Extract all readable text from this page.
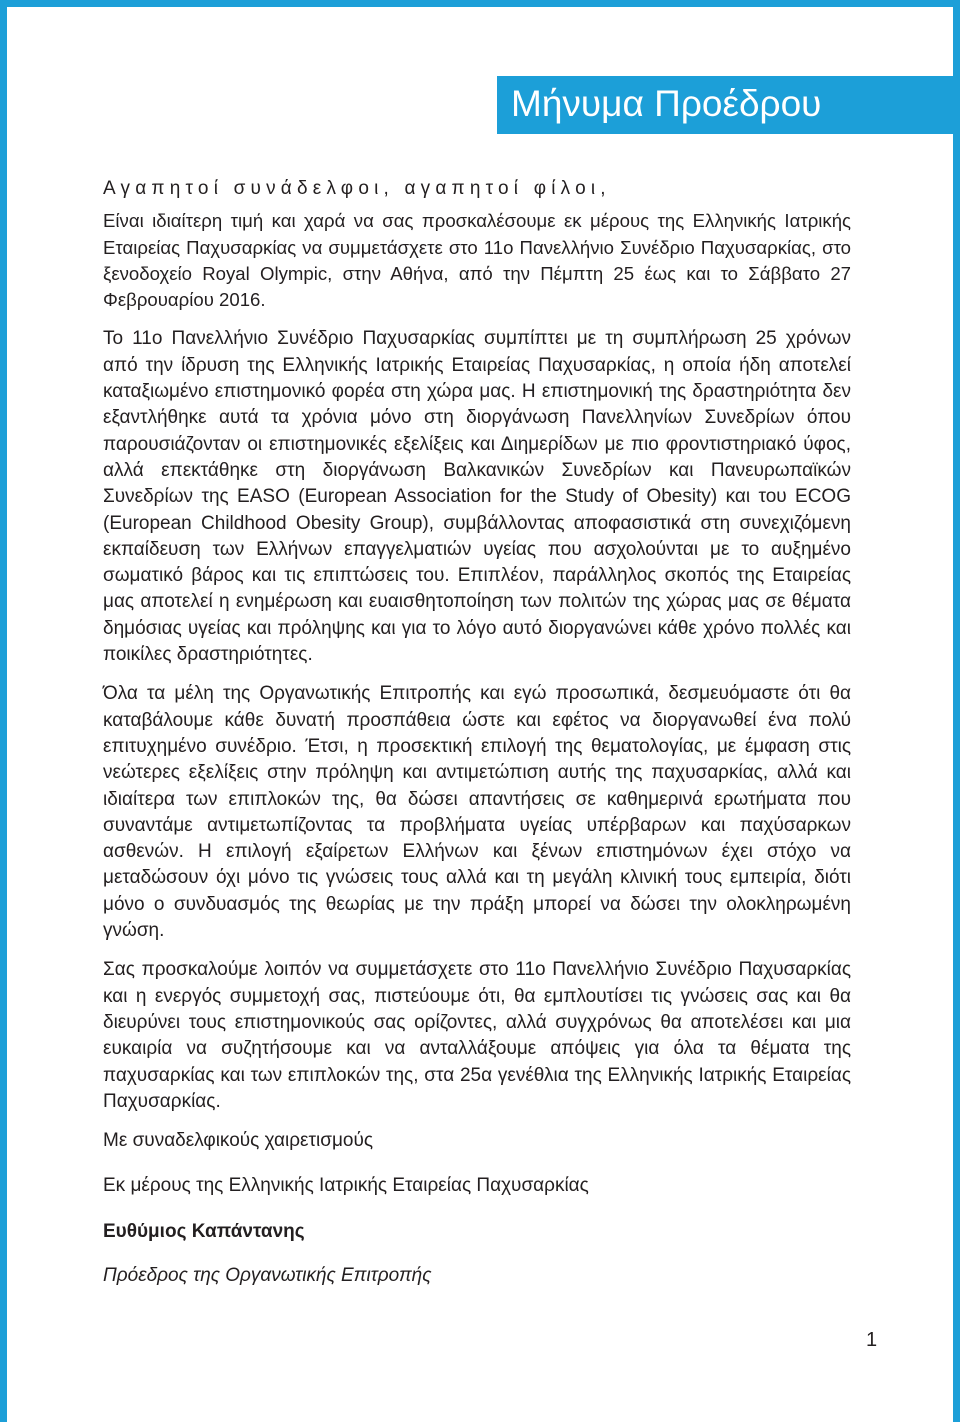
Μήνυμα Προέδρου
Αγαπητοί συνάδελφοι, αγαπητοί φίλοι,

Είναι ιδιαίτερη τιμή και χαρά να σας προσκαλέσουμε εκ μέρους της Ελληνικής Ιατρικής Εταιρείας Παχυσαρκίας να συμμετάσχετε στο 11ο Πανελλήνιο Συνέδριο Παχυσαρκίας, στο ξενοδοχείο Royal Olympic, στην Αθήνα, από την Πέμπτη 25 έως και το Σάββατο 27 Φεβρουαρίου 2016.

Το 11ο Πανελλήνιο Συνέδριο Παχυσαρκίας συμπίπτει με τη συμπλήρωση 25 χρόνων από την ίδρυση της Ελληνικής Ιατρικής Εταιρείας Παχυσαρκίας, η οποία ήδη αποτελεί καταξιωμένο επιστημονικό φορέα στη χώρα μας. Η επιστημονική της δραστηριότητα δεν εξαντλήθηκε αυτά τα χρόνια μόνο στη διοργάνωση Πανελληνίων Συνεδρίων όπου παρουσιάζονταν οι επιστημονικές εξελίξεις και Διημερίδων με πιο φροντιστηριακό ύφος, αλλά επεκτάθηκε στη διοργάνωση Βαλκανικών Συνεδρίων και Πανευρωπαϊκών Συνεδρίων της EASO (European Association for the Study of Obesity) και του ECOG (European Childhood Obesity Group), συμβάλλοντας αποφασιστικά στη συνεχιζόμενη εκπαίδευση των Ελλήνων επαγγελματιών υγείας που ασχολούνται με το αυξημένο σωματικό βάρος και τις επιπτώσεις του. Επιπλέον, παράλληλος σκοπός της Εταιρείας μας αποτελεί η ενημέρωση και ευαισθητοποίηση των πολιτών της χώρας μας σε θέματα δημόσιας υγείας και πρόληψης και για το λόγο αυτό διοργανώνει κάθε χρόνο πολλές και ποικίλες δραστηριότητες.

Όλα τα μέλη της Οργανωτικής Επιτροπής και εγώ προσωπικά, δεσμευόμαστε ότι θα καταβάλουμε κάθε δυνατή προσπάθεια ώστε και εφέτος να διοργανωθεί ένα πολύ επιτυχημένο συνέδριο. Έτσι, η προσεκτική επιλογή της θεματολογίας, με έμφαση στις νεώτερες εξελίξεις στην πρόληψη και αντιμετώπιση αυτής της παχυσαρκίας, αλλά και ιδιαίτερα των επιπλοκών της, θα δώσει απαντήσεις σε καθημερινά ερωτήματα που συναντάμε αντιμετωπίζοντας τα προβλήματα υγείας υπέρβαρων και παχύσαρκων ασθενών. Η επιλογή εξαίρετων Ελλήνων και ξένων επιστημόνων έχει στόχο να μεταδώσουν όχι μόνο τις γνώσεις τους αλλά και τη μεγάλη κλινική τους εμπειρία, διότι μόνο ο συνδυασμός της θεωρίας με την πράξη μπορεί να δώσει την ολοκληρωμένη γνώση.

Σας προσκαλούμε λοιπόν να συμμετάσχετε στο 11ο Πανελλήνιο Συνέδριο Παχυσαρκίας και η ενεργός συμμετοχή σας, πιστεύουμε ότι, θα εμπλουτίσει τις γνώσεις σας και θα διευρύνει τους επιστημονικούς σας ορίζοντες, αλλά συγχρόνως θα αποτελέσει και μια ευκαιρία να συζητήσουμε και να ανταλλάξουμε απόψεις για όλα τα θέματα της παχυσαρκίας και των επιπλοκών της, στα 25α γενέθλια της Ελληνικής Ιατρικής Εταιρείας Παχυσαρκίας.

Με συναδελφικούς χαιρετισμούς
Εκ μέρους της Ελληνικής Ιατρικής Εταιρείας Παχυσαρκίας
Ευθύμιος Καπάντανης
Πρόεδρος της Οργανωτικής Επιτροπής
1
